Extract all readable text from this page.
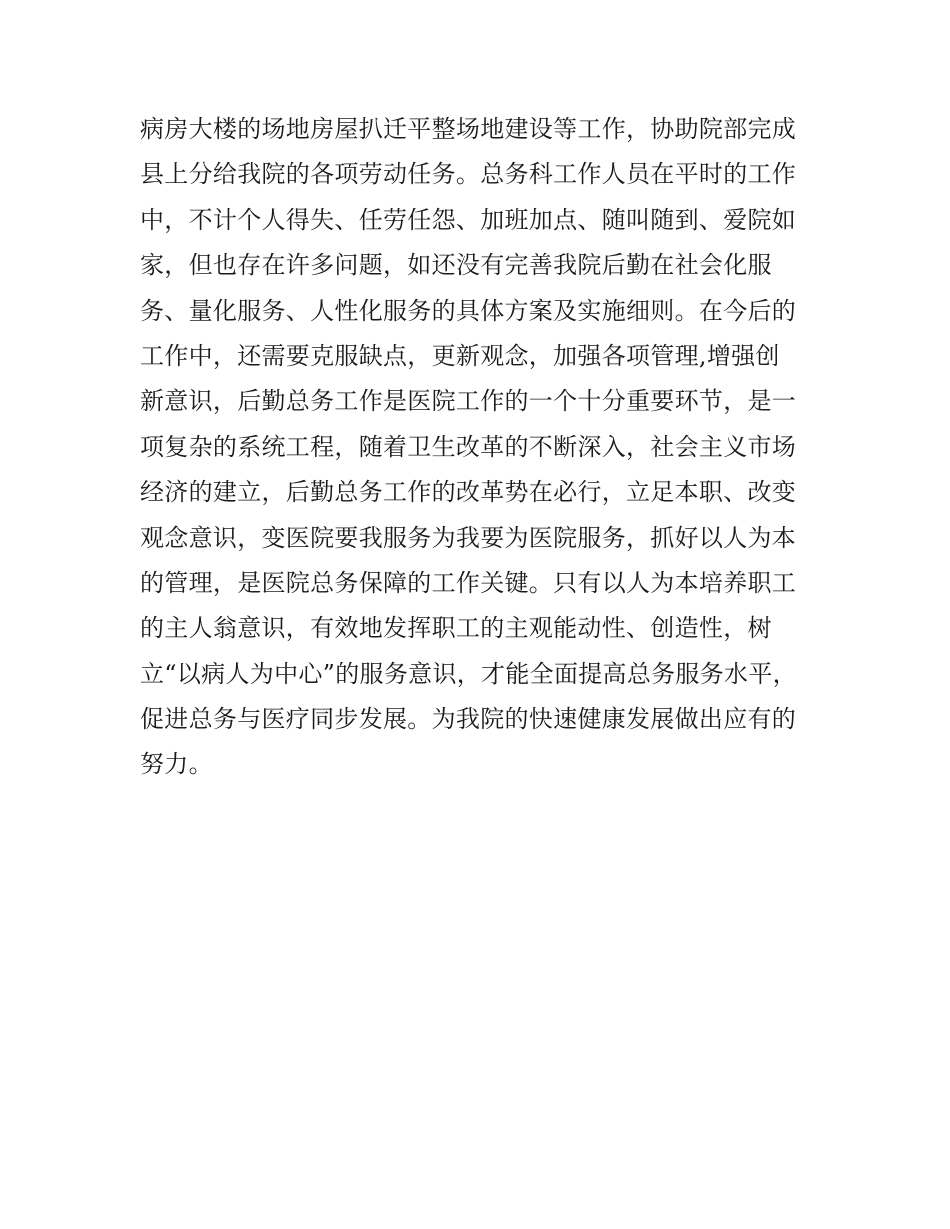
病房大楼的场地房屋扒迁平整场地建设等工作，协助院部完成
县上分给我院的各项劳动任务。总务科工作人员在平时的工作
中，不计个人得失、任劳任怨、加班加点、随叫随到、爱院如
家，但也存在许多问题，如还没有完善我院后勤在社会化服
务、量化服务、人性化服务的具体方案及实施细则。在今后的
工作中，还需要克服缺点，更新观念，加强各项管理,增强创
新意识，后勤总务工作是医院工作的一个十分重要环节，是一
项复杂的系统工程，随着卫生改革的不断深入，社会主义市场
经济的建立，后勤总务工作的改革势在必行，立足本职、改变
观念意识，变医院要我服务为我要为医院服务，抓好以人为本
的管理，是医院总务保障的工作关键。只有以人为本培养职工
的主人翁意识，有效地发挥职工的主观能动性、创造性，树
立“以病人为中心”的服务意识，才能全面提高总务服务水平，
促进总务与医疗同步发展。为我院的快速健康发展做出应有的
努力。
